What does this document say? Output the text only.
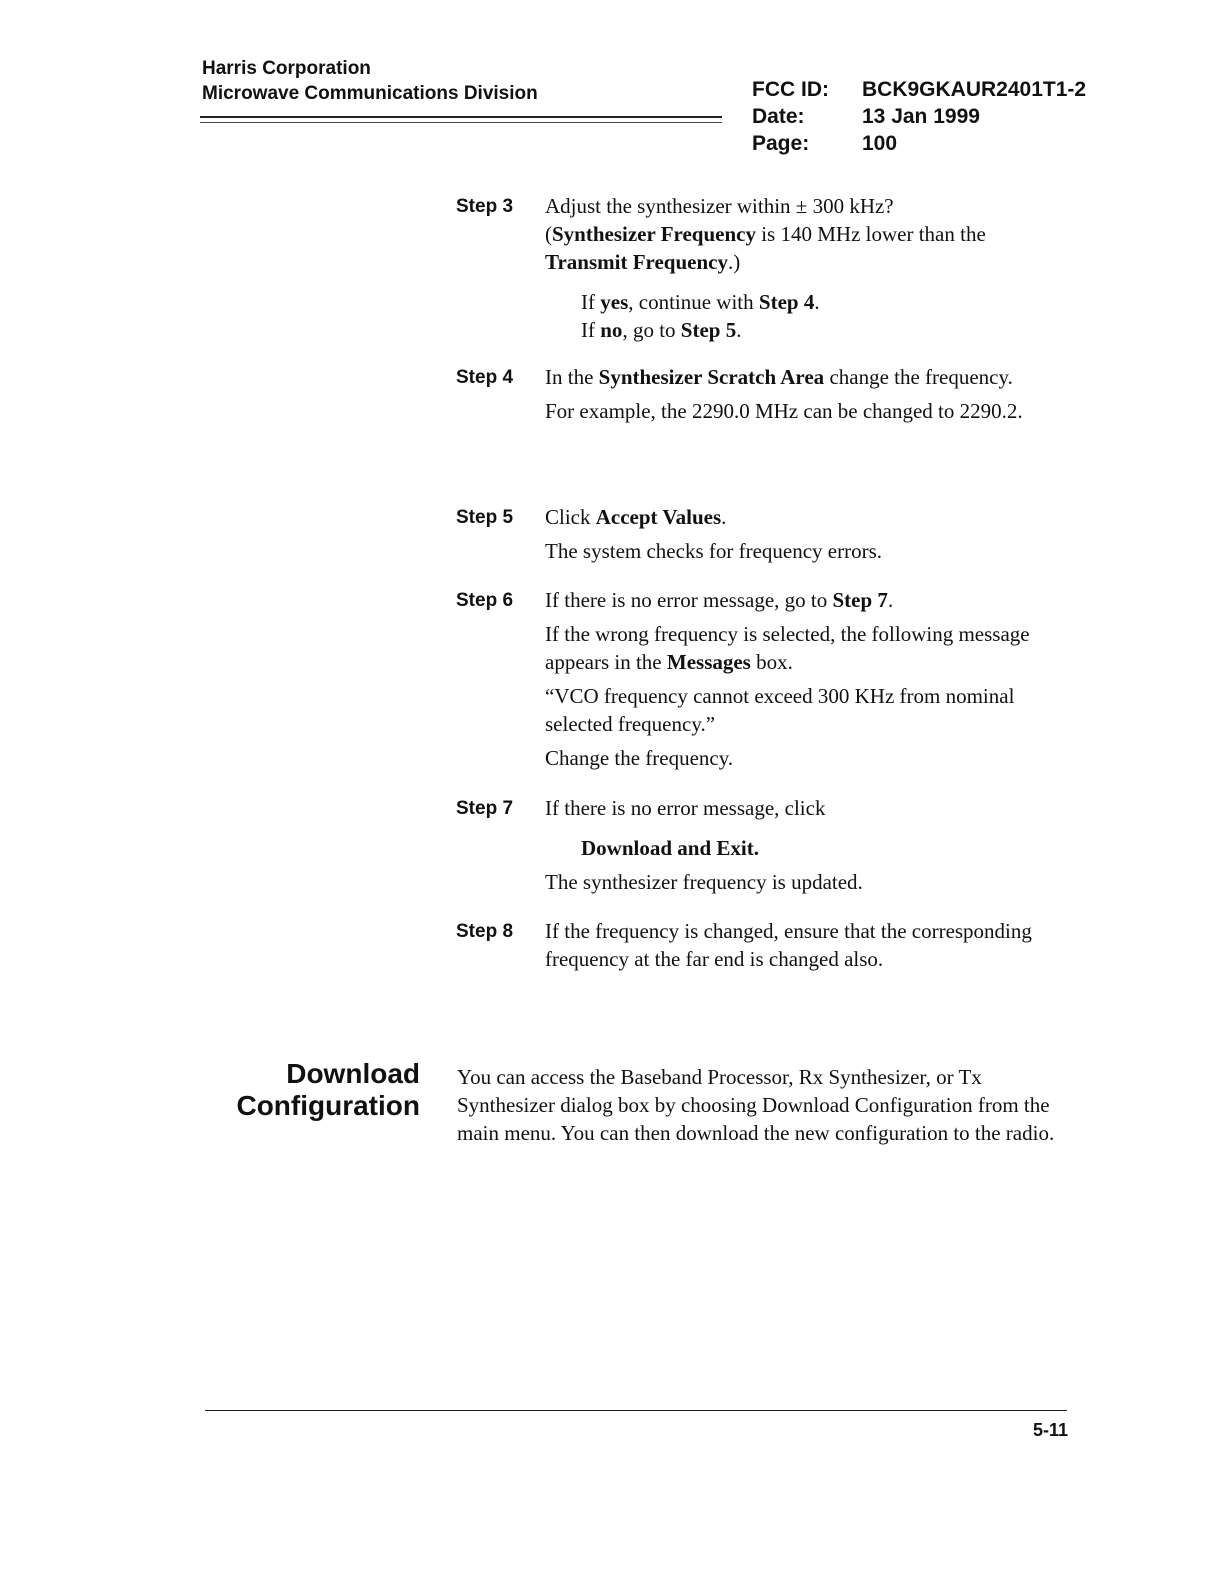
Harris Corporation
Microwave Communications Division	FCC ID:	BCK9GKAUR2401T1-2
Date:	13 Jan 1999
Page:	100
Step 3 Adjust the synthesizer within ± 300 kHz?
(Synthesizer Frequency is 140 MHz lower than the Transmit Frequency.)

If yes, continue with Step 4.
If no, go to Step 5.

Step 4 In the Synthesizer Scratch Area change the frequency.

For example, the 2290.0 MHz can be changed to 2290.2.

Step 5 Click Accept Values.

The system checks for frequency errors.

Step 6 If there is no error message, go to Step 7.

If the wrong frequency is selected, the following message appears in the Messages box.

“VCO frequency cannot exceed 300 KHz from nominal selected frequency.”

Change the frequency.

Step 7 If there is no error message, click

Download and Exit.

The synthesizer frequency is updated.

Step 8 If the frequency is changed, ensure that the corresponding frequency at the far end is changed also.

Download
Configuration
You can access the Baseband Processor, Rx Synthesizer, or Tx Synthesizer dialog box by choosing Download Configuration from the main menu. You can then download the new configuration to the radio.
5-11
